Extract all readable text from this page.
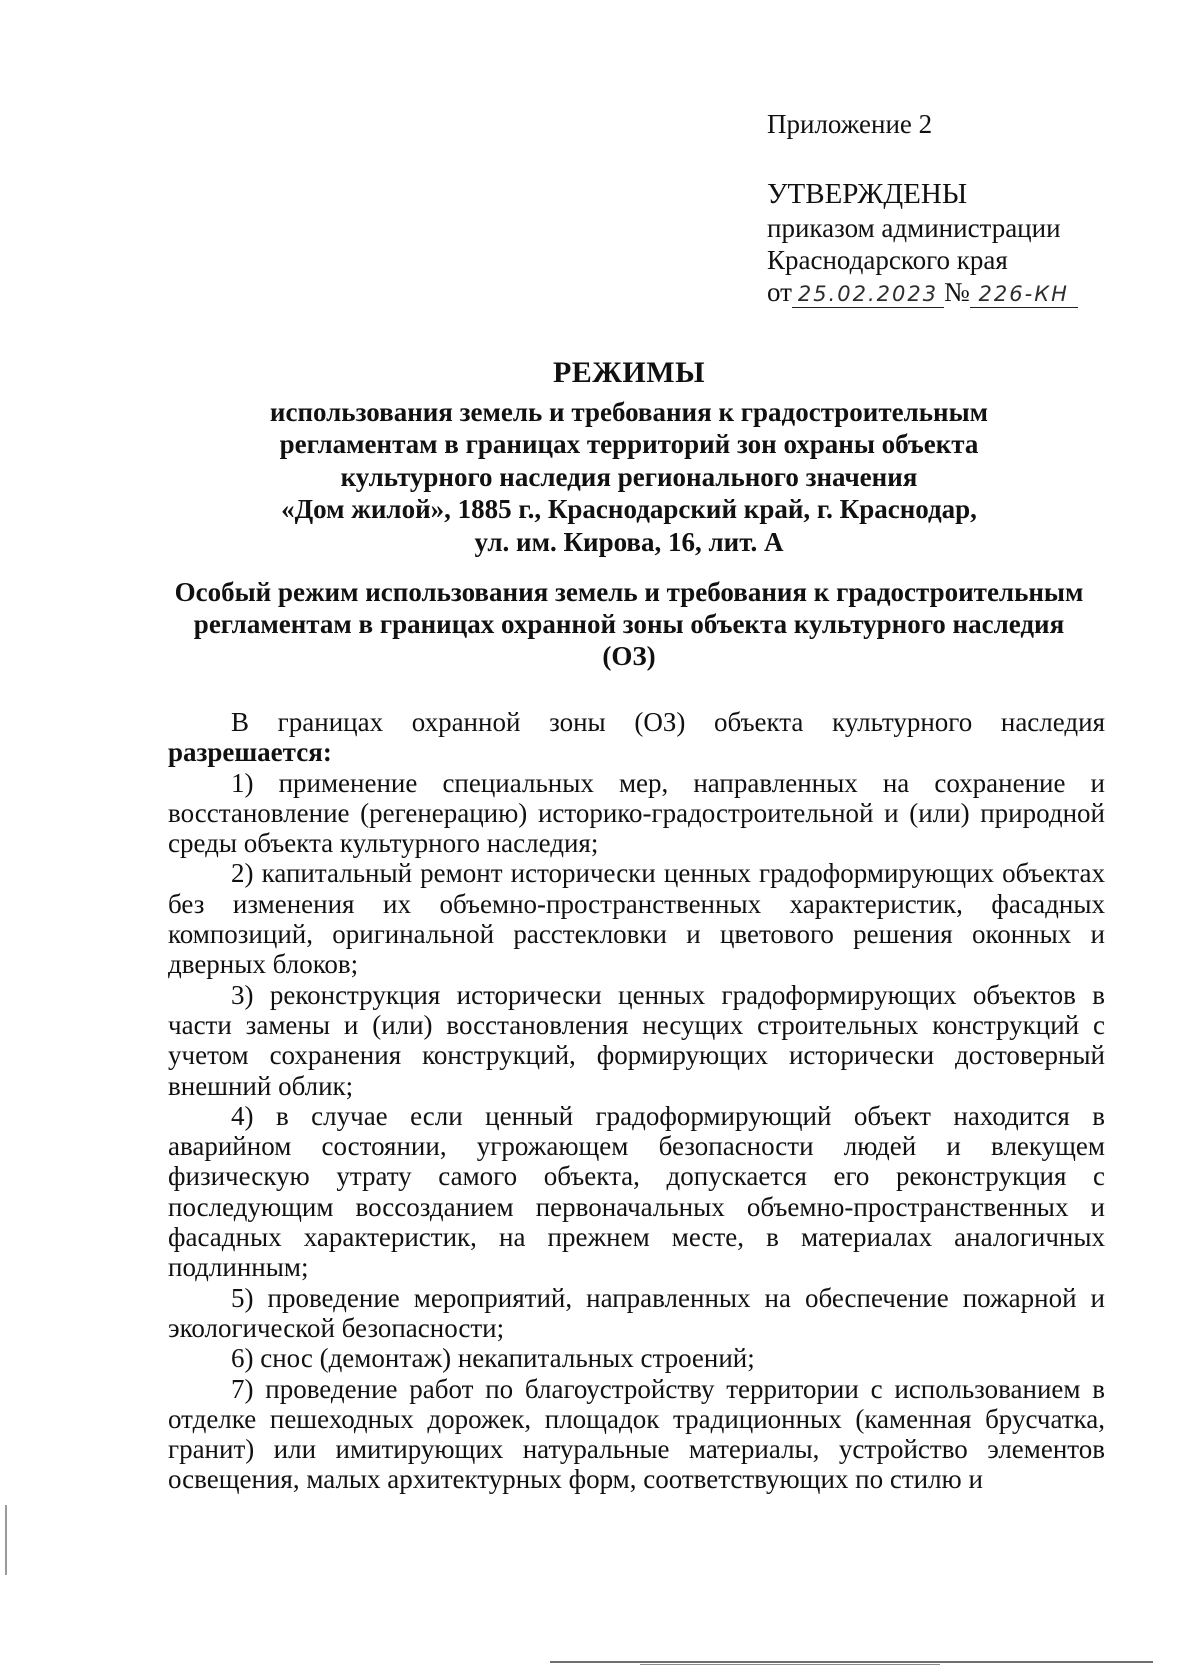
Приложение 2

УТВЕРЖДЕНЫ

приказом администрации

Краснодарского края

от 25.02.2023 № 226-КН

РЕЖИМЫ

использования земель и требования к градостроительным

регламентам в границах территорий зон охраны объекта

культурного наследия регионального значения

«Дом жилой», 1885 г., Краснодарский край, г. Краснодар,

ул. им. Кирова, 16, лит. А

Особый режим использования земель и требования к градостроительным

регламентам в границах охранной зоны объекта культурного наследия

(ОЗ)

В границах охранной зоны (ОЗ) объекта культурного наследия
разрешается:

1) применение специальных мер, направленных на сохранение и восстановление (регенерацию) историко-градостроительной и (или) природной среды объекта культурного наследия;

2) капитальный ремонт исторически ценных градоформирующих объектах без изменения их объемно-пространственных характеристик, фасадных композиций, оригинальной расстекловки и цветового решения оконных и дверных блоков;

3) реконструкция исторически ценных градоформирующих объектов в части замены и (или) восстановления несущих строительных конструкций с учетом сохранения конструкций, формирующих исторически достоверный внешний облик;

4) в случае если ценный градоформирующий объект находится в аварийном состоянии, угрожающем безопасности людей и влекущем физическую утрату самого объекта, допускается его реконструкция с последующим воссозданием первоначальных объемно-пространственных и фасадных характеристик, на прежнем месте, в материалах аналогичных подлинным;

5) проведение мероприятий, направленных на обеспечение пожарной и экологической безопасности;

6) снос (демонтаж) некапитальных строений;

7) проведение работ по благоустройству территории с использованием в отделке пешеходных дорожек, площадок традиционных (каменная брусчатка, гранит) или имитирующих натуральные материалы, устройство элементов освещения, малых архитектурных форм, соответствующих по стилю и
